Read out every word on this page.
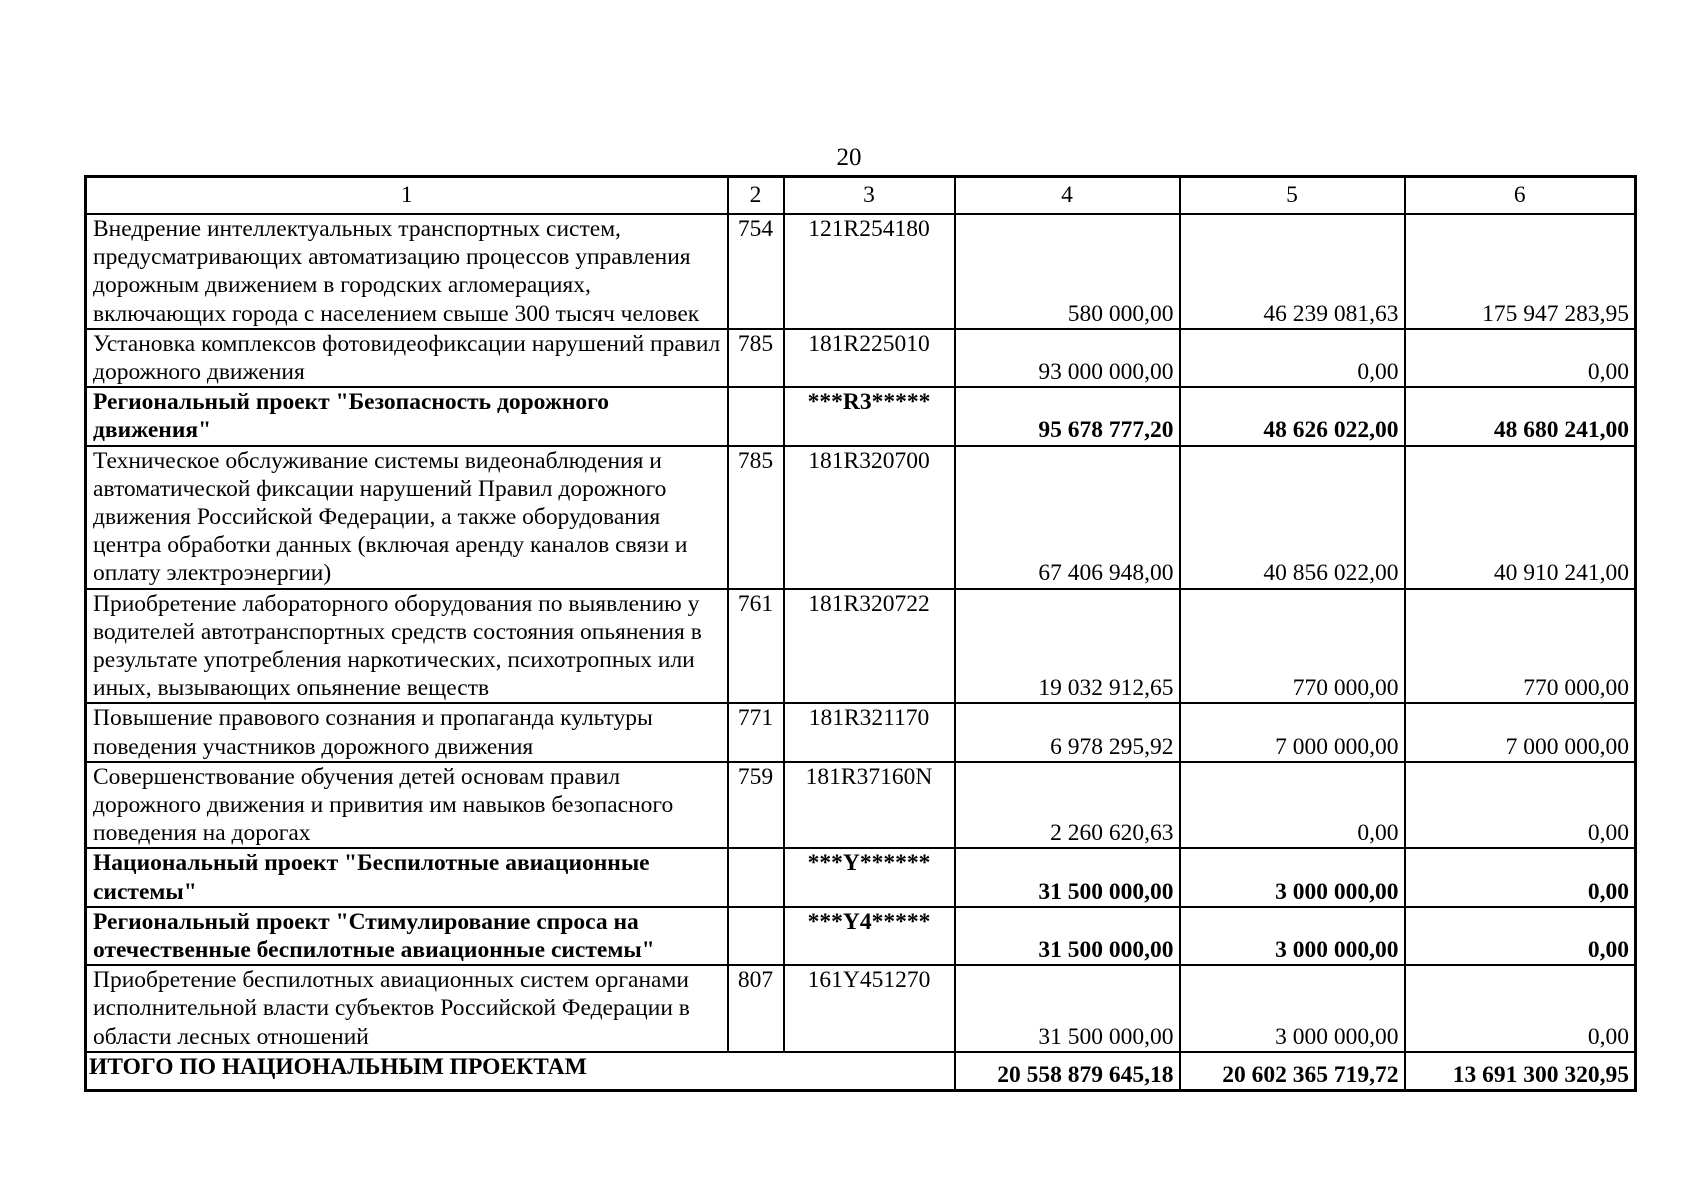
20
1	2	3	4	5	6
Внедрение интеллектуальных транспортных систем, предусматривающих автоматизацию процессов управления дорожным движением в городских агломерациях, включающих города с населением свыше 300 тысяч человек	754	121R254180	580 000,00	46 239 081,63	175 947 283,95
Установка комплексов фотовидеофиксации нарушений правил дорожного движения	785	181R225010	93 000 000,00	0,00	0,00
Региональный проект "Безопасность дорожного движения"		***R3*****	95 678 777,20	48 626 022,00	48 680 241,00
Техническое обслуживание системы видеонаблюдения и автоматической фиксации нарушений Правил дорожного движения Российской Федерации, а также оборудования центра обработки данных (включая аренду каналов связи и оплату электроэнергии)	785	181R320700	67 406 948,00	40 856 022,00	40 910 241,00
Приобретение лабораторного оборудования по выявлению у водителей автотранспортных средств состояния опьянения в результате употребления наркотических, психотропных или иных, вызывающих опьянение веществ	761	181R320722	19 032 912,65	770 000,00	770 000,00
Повышение правового сознания и пропаганда культуры поведения участников дорожного движения	771	181R321170	6 978 295,92	7 000 000,00	7 000 000,00
Совершенствование обучения детей основам правил дорожного движения и привития им навыков безопасного поведения на дорогах	759	181R37160N	2 260 620,63	0,00	0,00
Национальный проект "Беспилотные авиационные системы"		***Y******	31 500 000,00	3 000 000,00	0,00
Региональный проект "Стимулирование спроса на отечественные беспилотные авиационные системы"		***Y4*****	31 500 000,00	3 000 000,00	0,00
Приобретение беспилотных авиационных систем органами исполнительной власти субъектов Российской Федерации в области лесных отношений	807	161Y451270	31 500 000,00	3 000 000,00	0,00
ИТОГО ПО НАЦИОНАЛЬНЫМ ПРОЕКТАМ			20 558 879 645,18	20 602 365 719,72	13 691 300 320,95
